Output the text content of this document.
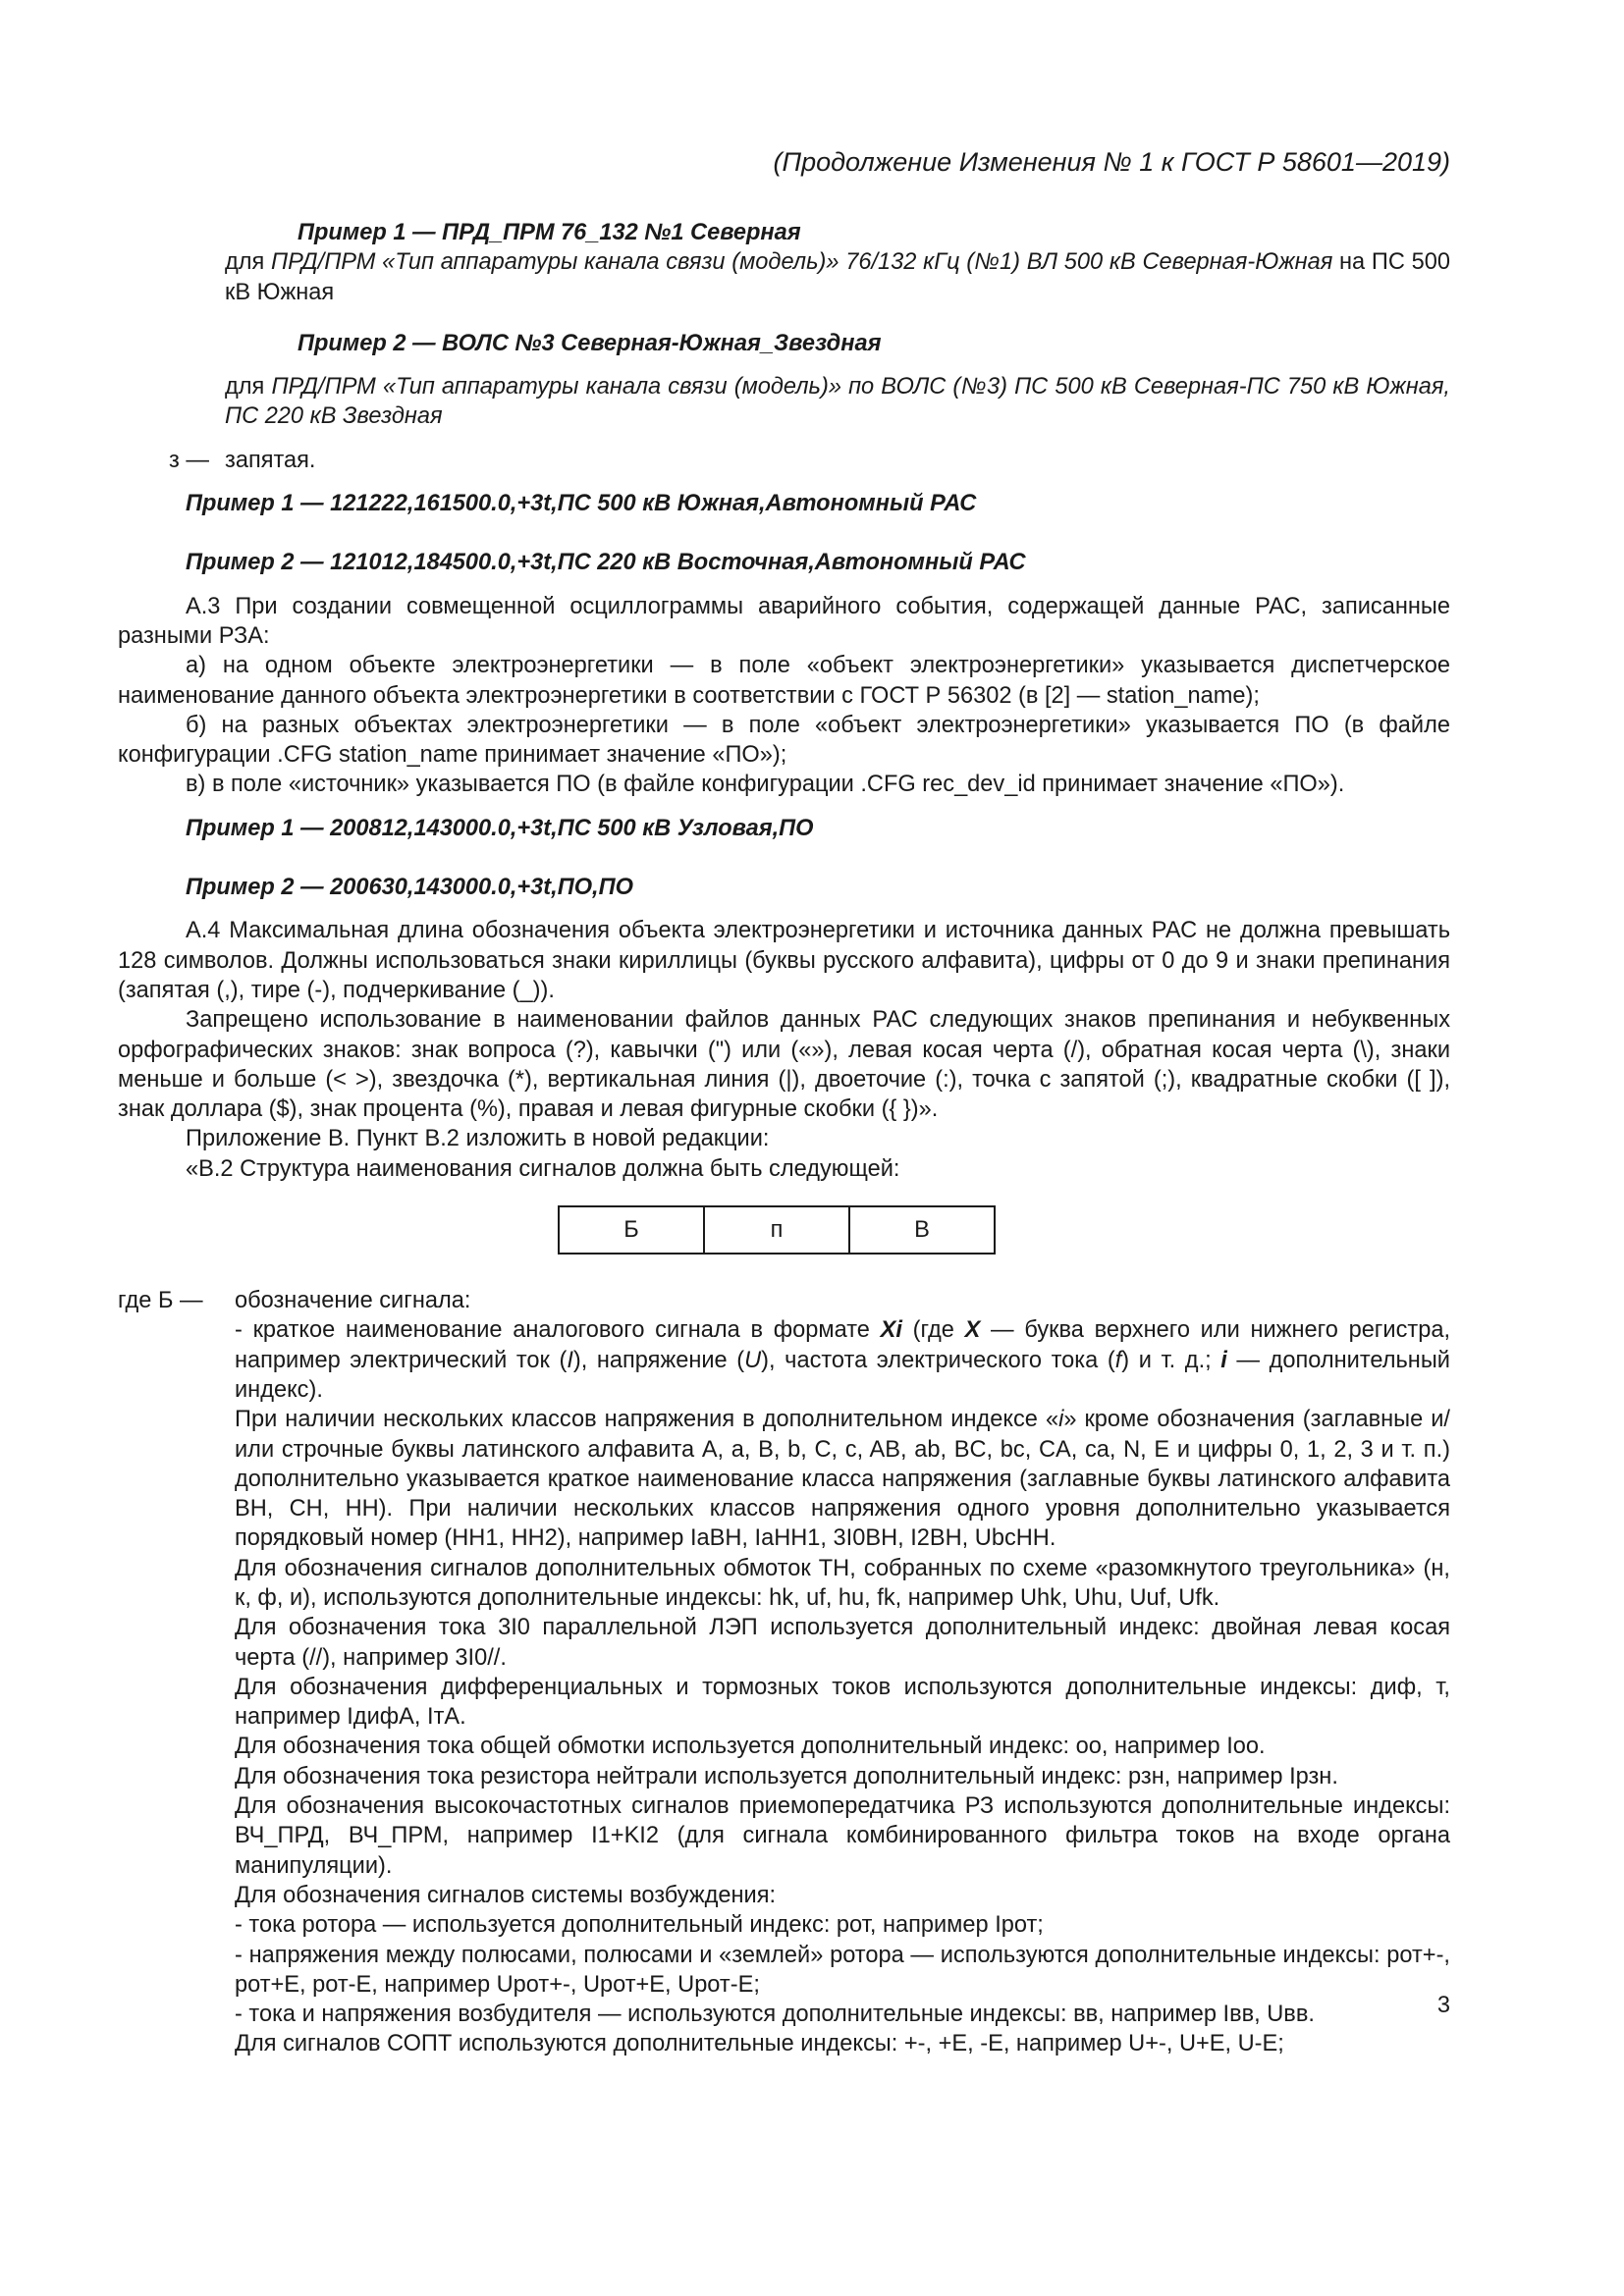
(Продолжение Изменения № 1 к ГОСТ Р 58601—2019)

Пример 1 — ПРД_ПРМ 76_132 №1 Северная

для ПРД/ПРМ «Тип аппаратуры канала связи (модель)» 76/132 кГц (№1) ВЛ 500 кВ Северная-Южная на ПС 500 кВ Южная

Пример 2 — ВОЛС №3 Северная-Южная_Звездная

для ПРД/ПРМ «Тип аппаратуры канала связи (модель)» по ВОЛС (№3) ПС 500 кВ Северная-ПС 750 кВ Южная, ПС 220 кВ Звездная

з — запятая.

Пример 1 — 121222,161500.0,+3t,ПС 500 кВ Южная,Автономный РАС

Пример 2 — 121012,184500.0,+3t,ПС 220 кВ Восточная,Автономный РАС

А.3 При создании совмещенной осциллограммы аварийного события, содержащей данные РАС, записанные разными РЗА:

а) на одном объекте электроэнергетики — в поле «объект электроэнергетики» указывается диспетчерское наименование данного объекта электроэнергетики в соответствии с ГОСТ Р 56302 (в [2] — station_name);

б) на разных объектах электроэнергетики — в поле «объект электроэнергетики» указывается ПО (в файле конфигурации .CFG station_name принимает значение «ПО»);

в) в поле «источник» указывается ПО (в файле конфигурации .CFG rec_dev_id принимает значение «ПО»).

Пример 1 — 200812,143000.0,+3t,ПС 500 кВ Узловая,ПО

Пример 2 — 200630,143000.0,+3t,ПО,ПО

А.4 Максимальная длина обозначения объекта электроэнергетики и источника данных РАС не должна превышать 128 символов. Должны использоваться знаки кириллицы (буквы русского алфавита), цифры от 0 до 9 и знаки препинания (запятая (,), тире (-), подчеркивание (_)).

Запрещено использование в наименовании файлов данных РАС следующих знаков препинания и небуквенных орфографических знаков: знак вопроса (?), кавычки (") или («»), левая косая черта (/), обратная косая черта (\), знаки меньше и больше (< >), звездочка (*), вертикальная линия (|), двоеточие (:), точка с запятой (;), квадратные скобки ([ ]), знак доллара ($), знак процента (%), правая и левая фигурные скобки ({ })».

Приложение В. Пункт В.2 изложить в новой редакции:

«В.2 Структура наименования сигналов должна быть следующей:

Б	п	В

где Б —	обозначение сигнала:

- краткое наименование аналогового сигнала в формате Xi (где X — буква верхнего или нижнего регистра, например электрический ток (I), напряжение (U), частота электрического тока (f) и т. д.; i — дополнительный индекс).

При наличии нескольких классов напряжения в дополнительном индексе «i» кроме обозначения (заглавные и/или строчные буквы латинского алфавита A, a, B, b, C, c, AB, ab, BC, bc, CA, ca, N, E и цифры 0, 1, 2, 3 и т. п.) дополнительно указывается краткое наименование класса напряжения (заглавные буквы латинского алфавита ВН, СН, НН). При наличии нескольких классов напряжения одного уровня дополнительно указывается порядковый номер (НН1, НН2), например IaВН, IaНН1, 3I0ВН, I2ВН, UbcНН.

Для обозначения сигналов дополнительных обмоток ТН, собранных по схеме «разомкнутого треугольника» (н, к, ф, и), используются дополнительные индексы: hk, uf, hu, fk, например Uhk, Uhu, Uuf, Ufk.

Для обозначения тока 3I0 параллельной ЛЭП используется дополнительный индекс: двойная левая косая черта (//), например 3I0//.

Для обозначения дифференциальных и тормозных токов используются дополнительные индексы: диф, т, например IдифА, IтА.

Для обозначения тока общей обмотки используется дополнительный индекс: оо, например Iоо.

Для обозначения тока резистора нейтрали используется дополнительный индекс: рзн, например Iрзн.

Для обозначения высокочастотных сигналов приемопередатчика РЗ используются дополнительные индексы: ВЧ_ПРД, ВЧ_ПРМ, например I1+KI2 (для сигнала комбинированного фильтра токов на входе органа манипуляции).

Для обозначения сигналов системы возбуждения:

- тока ротора — используется дополнительный индекс: рот, например Iрот;

- напряжения между полюсами, полюсами и «землей» ротора — используются дополнительные индексы: рот+-, рот+Е, рот-Е, например Uрот+-, Uрот+Е, Uрот-Е;

- тока и напряжения возбудителя — используются дополнительные индексы: вв, например Iвв, Uвв.

Для сигналов СОПТ используются дополнительные индексы: +-, +Е, -Е, например U+-, U+E, U-E;

3
